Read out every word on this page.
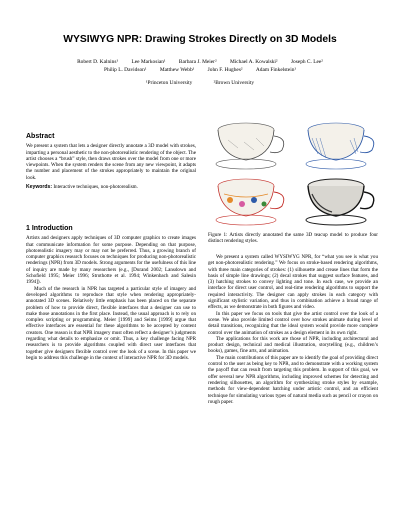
WYSIWYG NPR: Drawing Strokes Directly on 3D Models
Robert D. Kalnins¹ Lee Markosian¹ Barbara J. Meier² Michael A. Kowalski² Joseph C. Lee²
Philip L. Davidson¹ Matthew Webb¹ John F. Hughes² Adam Finkelstein¹
¹Princeton University	²Brown University
Abstract

We present a system that lets a designer directly annotate a 3D model with strokes, imparting a personal aesthetic to the non-photorealistic rendering of the object. The artist chooses a “brush” style, then draws strokes over the model from one or more viewpoints. When the system renders the scene from any new viewpoint, it adapts the number and placement of the strokes appropriately to maintain the original look.

Keywords: Interactive techniques, non-photorealism.

1 Introduction

Artists and designers apply techniques of 3D computer graphics to create images that communicate information for some purpose. Depending on that purpose, photorealistic imagery may or may not be preferred. Thus, a growing branch of computer graphics research focuses on techniques for producing non-photorealistic renderings (NPR) from 3D models. Strong arguments for the usefulness of this line of inquiry are made by many researchers (e.g., [Durand 2002; Lansdown and Schofield 1995; Meier 1996; Strothotte et al. 1994; Winkenbach and Salesin 1994]).

Much of the research in NPR has targeted a particular style of imagery and developed algorithms to reproduce that style when rendering appropriately-annotated 3D scenes. Relatively little emphasis has been placed on the separate problem of how to provide direct, flexible interfaces that a designer can use to make those annotations in the first place. Instead, the usual approach is to rely on complex scripting or programming. Meier [1999] and Seims [1999] argue that effective interfaces are essential for these algorithms to be accepted by content creators. One reason is that NPR imagery must often reflect a designer’s judgments regarding what details to emphasize or omit. Thus, a key challenge facing NPR researchers is to provide algorithms coupled with direct user interfaces that together give designers flexible control over the look of a scene. In this paper we begin to address this challenge in the context of interactive NPR for 3D models.

Figure 1: Artists directly annotated the same 3D teacup model to produce four distinct rendering styles.

We present a system called WYSIWYG NPR, for “what you see is what you get non-photorealistic rendering.” We focus on stroke-based rendering algorithms, with three main categories of strokes: (1) silhouette and crease lines that form the basis of simple line drawings; (2) decal strokes that suggest surface features, and (3) hatching strokes to convey lighting and tone. In each case, we provide an interface for direct user control, and real-time rendering algorithms to support the required interactivity. The designer can apply strokes in each category with significant stylistic variation, and thus in combination achieve a broad range of effects, as we demonstrate in both figures and video.

In this paper we focus on tools that give the artist control over the look of a scene. We also provide limited control over how strokes animate during level of detail transitions, recognizing that the ideal system would provide more complete control over the animation of strokes as a design element in its own right.

The applications for this work are those of NPR, including architectural and product design, technical and medical illustration, storytelling (e.g., children’s books), games, fine arts, and animation.

The main contributions of this paper are to identify the goal of providing direct control to the user as being key to NPR, and to demonstrate with a working system the payoff that can result from targeting this problem. In support of this goal, we offer several new NPR algorithms, including improved schemes for detecting and rendering silhouettes, an algorithm for synthesizing stroke styles by example, methods for view-dependent hatching under artistic control, and an efficient technique for simulating various types of natural media such as pencil or crayon on rough paper.
